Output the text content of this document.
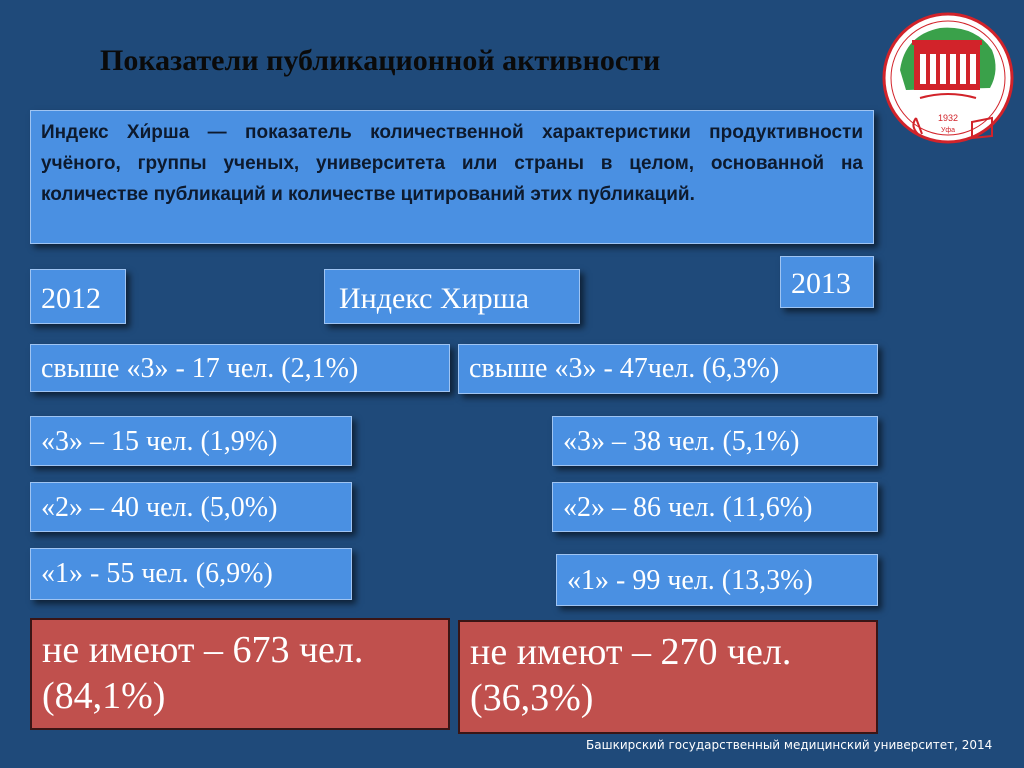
Показатели публикационной активности
1932
Уфа
Индекс Хи́рша — показатель количественной характеристики продуктивности учёного, группы ученых, университета или страны в целом, основанной на количестве публикаций и количестве цитирований этих публикаций.
2012	Индекс Хирша	2013
свыше «3» - 17 чел. (2,1%)
«3» – 15 чел. (1,9%)
«2» – 40 чел. (5,0%)
«1» - 55 чел. (6,9%)
свыше «3» - 47чел. (6,3%)
«3» – 38 чел. (5,1%)
«2» – 86 чел. (11,6%)
«1» - 99 чел. (13,3%)
не имеют – 673 чел. (84,1%)
не имеют – 270 чел. (36,3%)
Башкирский государственный медицинский университет, 2014
